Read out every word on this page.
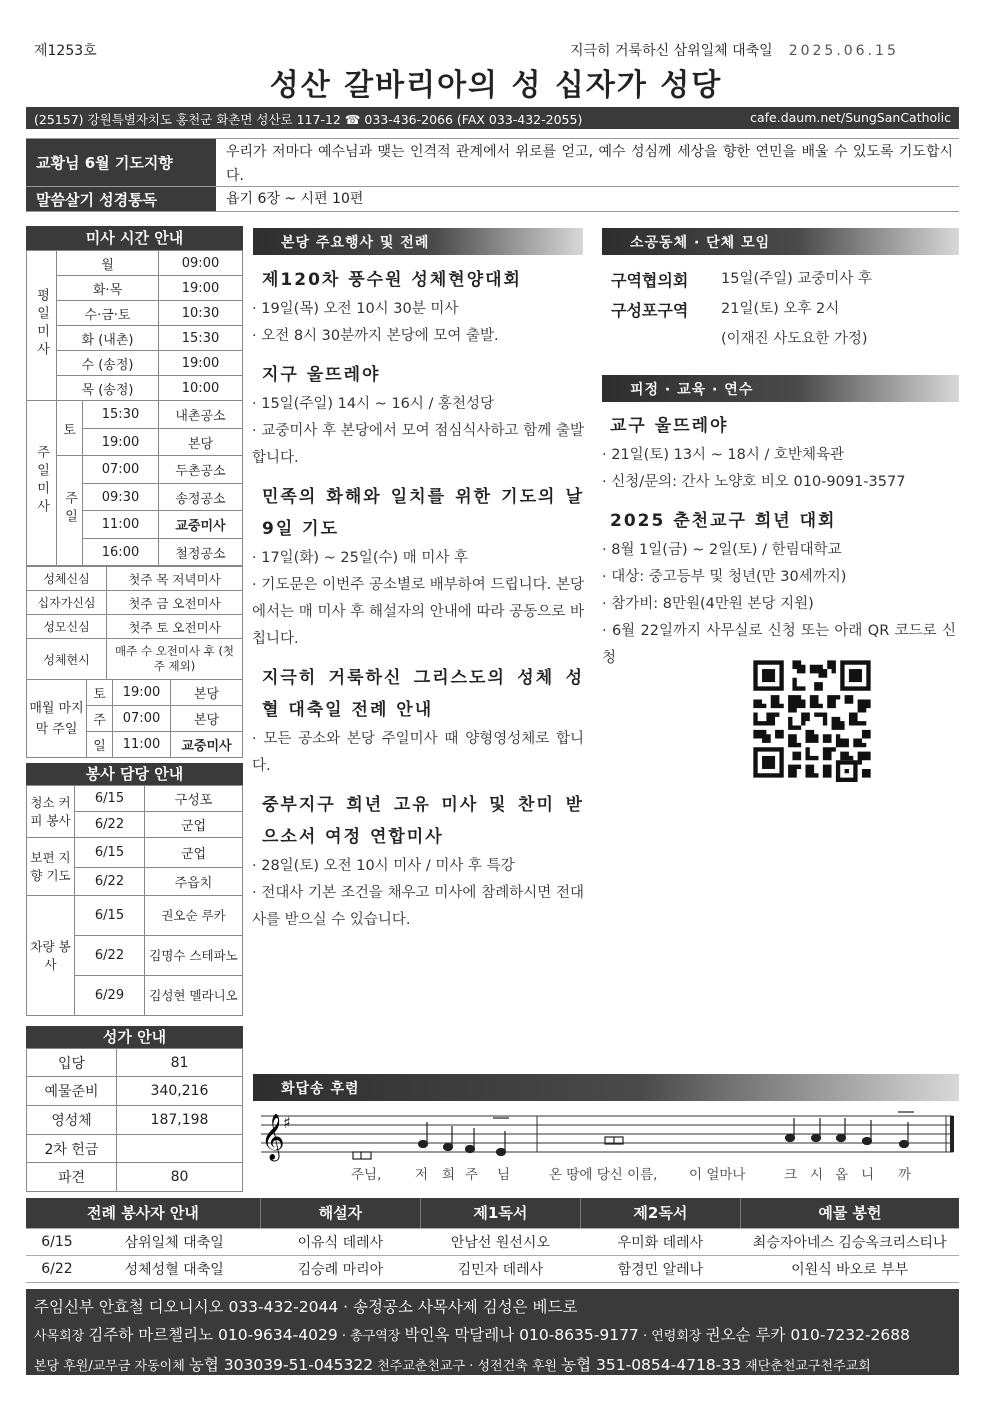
제1253호	지극히 거룩하신 삼위일체 대축일 2025.06.15
성산 갈바리아의 성 십자가 성당
(25157) 강원특별자치도 홍천군 화촌면 성산로 117-12 ☎ 033-436-2066 (FAX 033-432-2055)	cafe.daum.net/SungSanCatholic
교황님 6월 기도지향
우리가 저마다 예수님과 맺는 인격적 관계에서 위로를 얻고, 예수 성심께 세상을 향한 연민을 배울 수 있도록 기도합시다.
말씀살기 성경통독	욥기 6장 ~ 시편 10편
미사 시간 안내
평일미사	월	09:00
	화·목	19:00
	수·금·토	10:30
	화 (내촌)	15:30
	수 (송정)	19:00
	목 (송정)	10:00
주일미사	토	15:30	내촌공소
		19:00	본당
	주일	07:00	두촌공소
		09:30	송정공소
		11:00	교중미사
		16:00	철정공소
성체신심	첫주 목 저녁미사
십자가신심	첫주 금 오전미사
성모신심	첫주 토 오전미사
성체현시	매주 수 오전미사 후 (첫 주 제외)
매월 마지막 주일	토	19:00	본당
	주	07:00	본당
	일	11:00	교중미사
봉사 담당 안내
청소 커피 봉사	6/15	구성포
	6/22	군업
보편 지향 기도	6/15	군업
	6/22	주읍치
차량 봉사	6/15	권오순 루카
	6/22	김명수 스테파노
	6/29	김성현 멜라니오
성가 안내
입당	81
예물준비	340,216
영성체	187,198
2차 헌금	
파견	80
본당 주요행사 및 전례
제120차 풍수원 성체현양대회
· 19일(목) 오전 10시 30분 미사
· 오전 8시 30분까지 본당에 모여 출발.
지구 울뜨레야
· 15일(주일) 14시 ~ 16시 / 홍천성당
· 교중미사 후 본당에서 모여 점심식사하고 함께 출발합니다.
민족의 화해와 일치를 위한 기도의 날 9일 기도
· 17일(화) ~ 25일(수) 매 미사 후
· 기도문은 이번주 공소별로 배부하여 드립니다. 본당에서는 매 미사 후 해설자의 안내에 따라 공동으로 바칩니다.
지극히 거룩하신 그리스도의 성체 성혈 대축일 전례 안내
· 모든 공소와 본당 주일미사 때 양형영성체로 합니다.
중부지구 희년 고유 미사 및 찬미 받으소서 여정 연합미사
· 28일(토) 오전 10시 미사 / 미사 후 특강
· 전대사 기본 조건을 채우고 미사에 참례하시면 전대사를 받으실 수 있습니다.
소공동체 · 단체 모임
구역협의회	15일(주일) 교중미사 후
구성포구역	21일(토) 오후 2시
(이재진 사도요한 가정)
피정 · 교육 · 연수
교구 울뜨레야
· 21일(토) 13시 ~ 18시 / 호반체육관
· 신청/문의: 간사 노양호 비오 010-9091-3577
2025 춘천교구 희년 대회
· 8월 1일(금) ~ 2일(토) / 한림대학교
· 대상: 중고등부 및 청년(만 30세까지)
· 참가비: 8만원(4만원 본당 지원)
· 6월 22일까지 사무실로 신청 또는 아래 QR 코드로 신청
화답송 후렴
𝄞
♯
주님, 저 희 주 님	온 땅에 당신 이름, 이 얼마나	크 시 옵 니 까
전례 봉사자 안내		해설자	제1독서	제2독서	예물 봉헌
6/15	삼위일체 대축일	이유식 데레사	안남선 원선시오	우미화 데레사	최승자아네스 김승옥크리스티나
6/22	성체성혈 대축일	김승례 마리아	김민자 데레사	함경민 알레나	이원식 바오로 부부
주임신부 안효철 디오니시오 033-432-2044 · 송정공소 사목사제 김성은 베드로
사목회장 김주하 마르첼리노 010-9634-4029 · 총구역장 박인옥 막달레나 010-8635-9177 · 연령회장 권오순 루카 010-7232-2688
본당 후원/교무금 자동이체 농협 303039-51-045322 천주교춘천교구 · 성전건축 후원 농협 351-0854-4718-33 재단춘천교구천주교회
